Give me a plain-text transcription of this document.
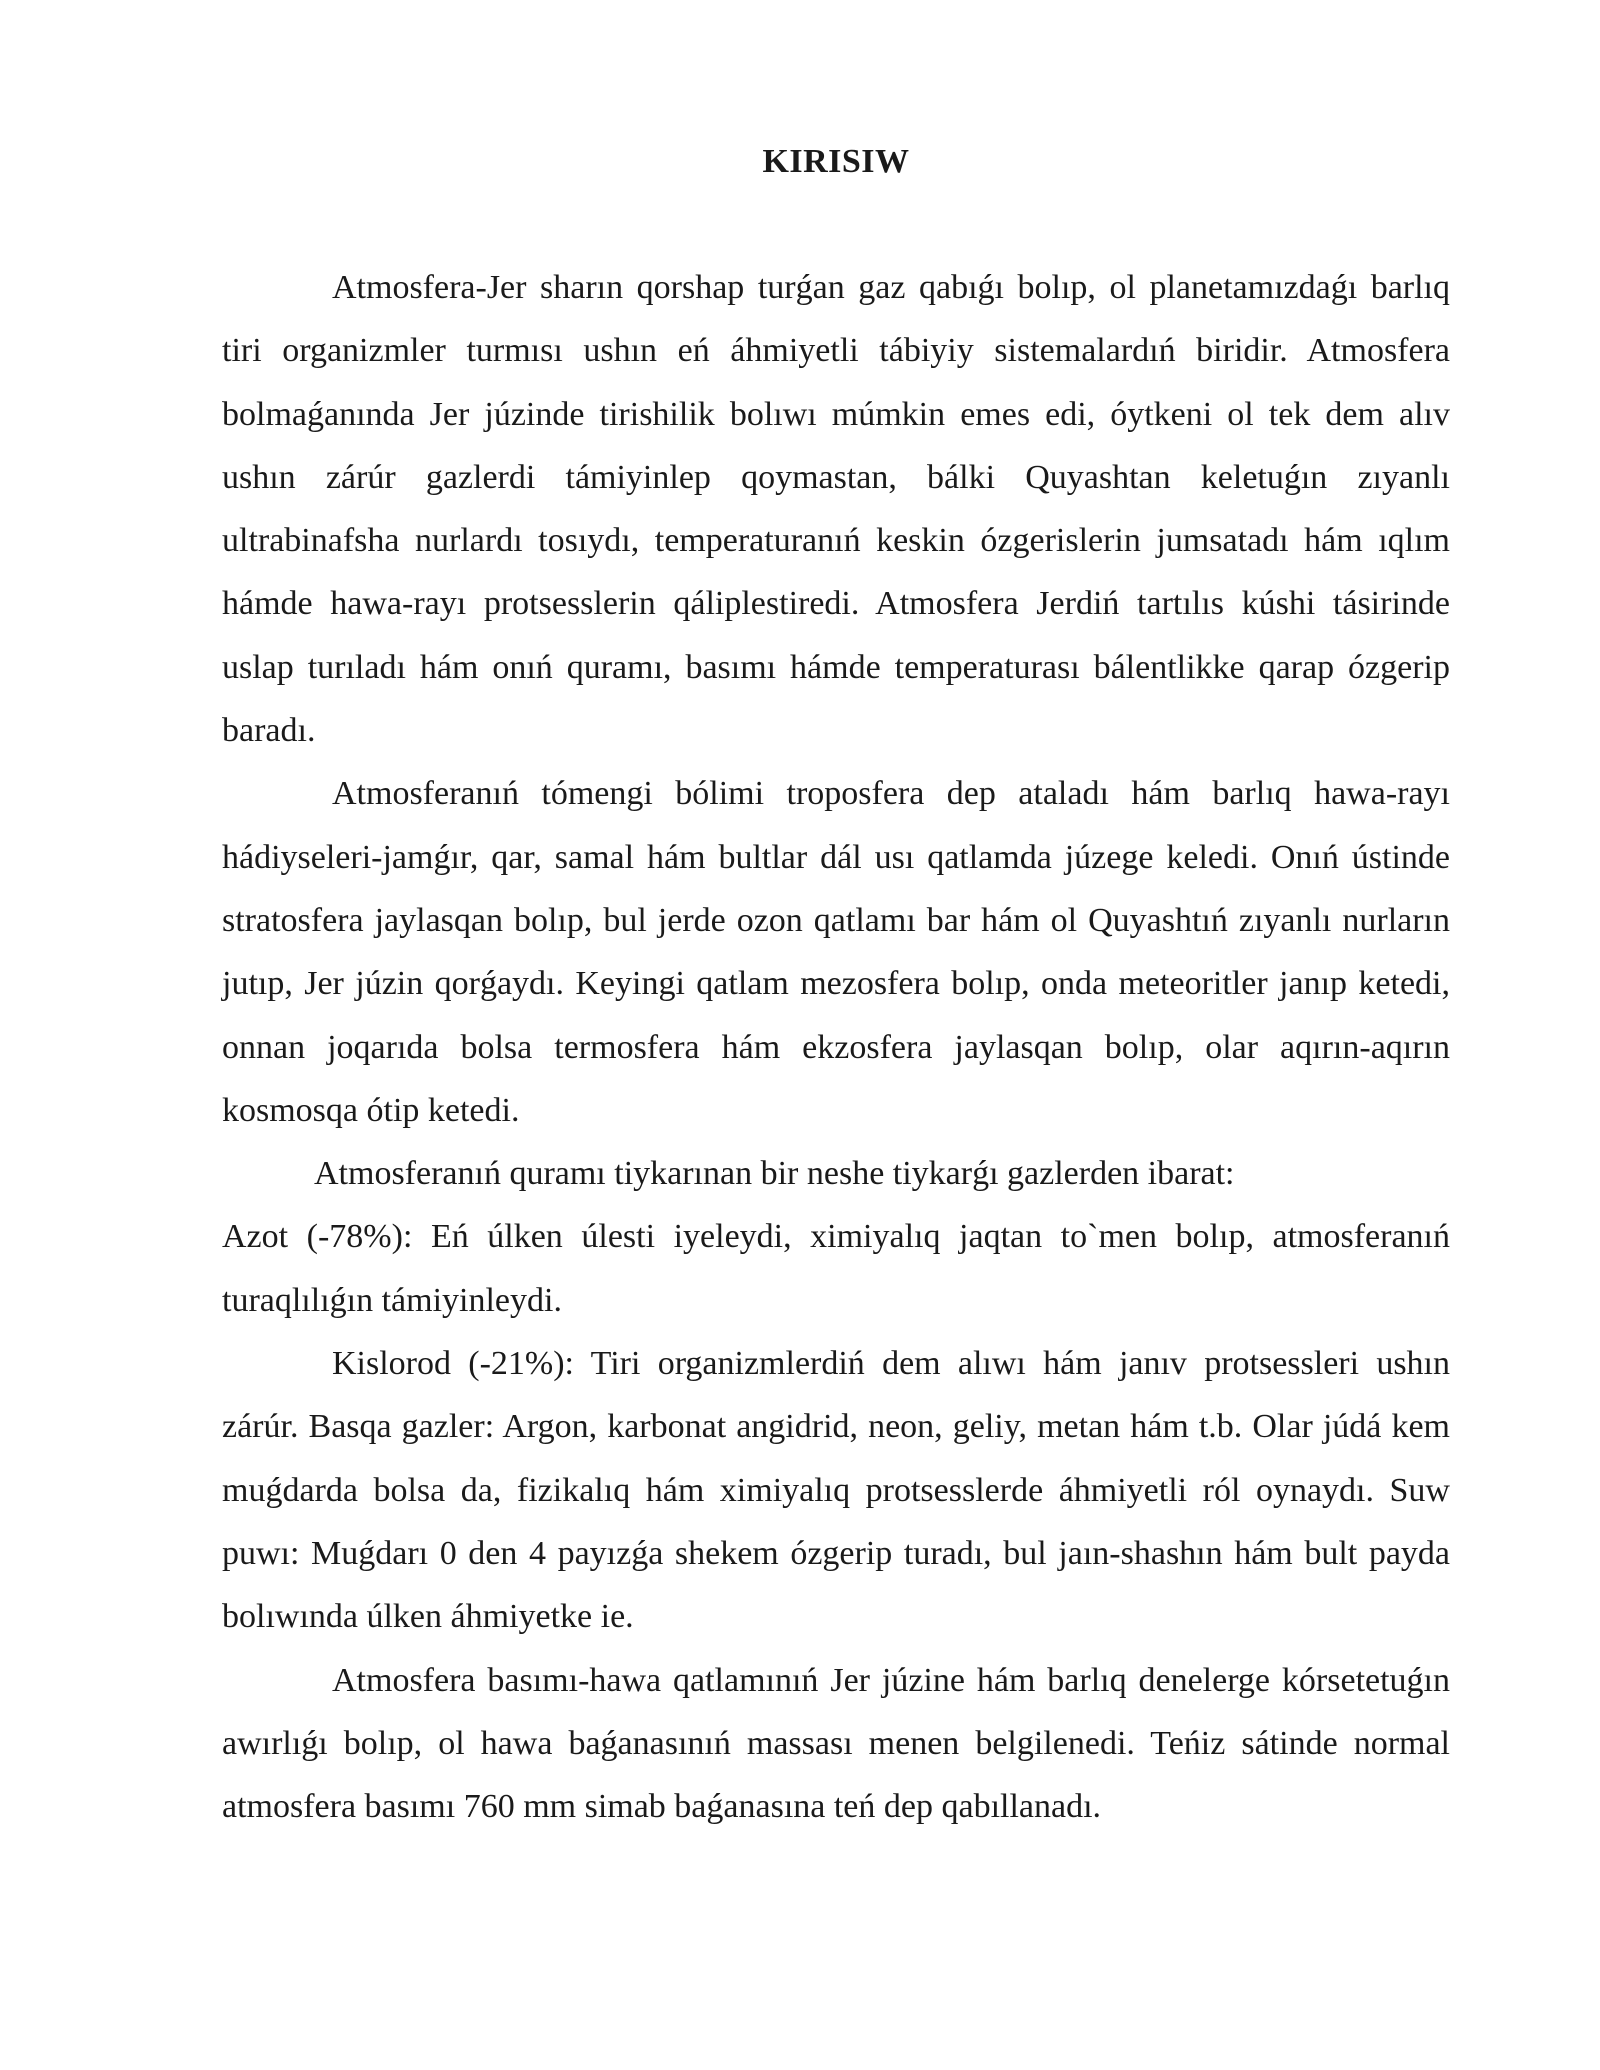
KIRISIW

Atmosfera-Jer sharın qorshap turǵan gaz qabıǵı bolıp, ol planetamızdaǵı barlıq tiri organizmler turmısı ushın eń áhmiyetli tábiyiy sistemalardıń biridir. Atmosfera bolmaǵanında Jer júzinde tirishilik bolıwı múmkin emes edi, óytkeni ol tek dem alıv ushın zárúr gazlerdi támiyinlep qoymastan, bálki Quyashtan keletuǵın zıyanlı ultrabinafsha nurlardı tosıydı, temperaturanıń keskin ózgerislerin jumsatadı hám ıqlım hámde hawa-rayı protsesslerin qáliplestiredi. Atmosfera Jerdiń tartılıs kúshi tásirinde uslap turıladı hám onıń quramı, basımı hámde temperaturası bálentlikke qarap ózgerip baradı.

Atmosferanıń tómengi bólimi troposfera dep ataladı hám barlıq hawa-rayı hádiyseleri-jamǵır, qar, samal hám bultlar dál usı qatlamda júzege keledi. Onıń ústinde stratosfera jaylasqan bolıp, bul jerde ozon qatlamı bar hám ol Quyashtıń zıyanlı nurların jutıp, Jer júzin qorǵaydı. Keyingi qatlam mezosfera bolıp, onda meteoritler janıp ketedi, onnan joqarıda bolsa termosfera hám ekzosfera jaylasqan bolıp, olar aqırın-aqırın kosmosqa ótip ketedi.

Atmosferanıń quramı tiykarınan bir neshe tiykarǵı gazlerden ibarat:

Azot (-78%): Eń úlken úlesti iyeleydi, ximiyalıq jaqtan to`men bolıp, atmosferanıń turaqlılıǵın támiyinleydi.

Kislorod (-21%): Tiri organizmlerdiń dem alıwı hám janıv protsessleri ushın zárúr. Basqa gazler: Argon, karbonat angidrid, neon, geliy, metan hám t.b. Olar júdá kem muǵdarda bolsa da, fizikalıq hám ximiyalıq protsesslerde áhmiyetli ról oynaydı. Suw puwı: Muǵdarı 0 den 4 payızǵa shekem ózgerip turadı, bul jaın-shashın hám bult payda bolıwında úlken áhmiyetke ie.

Atmosfera basımı-hawa qatlamınıń Jer júzine hám barlıq denelerge kórsetetuǵın awırlıǵı bolıp, ol hawa baǵanasınıń massası menen belgilenedi. Teńiz sátinde normal atmosfera basımı 760 mm simab baǵanasına teń dep qabıllanadı.
